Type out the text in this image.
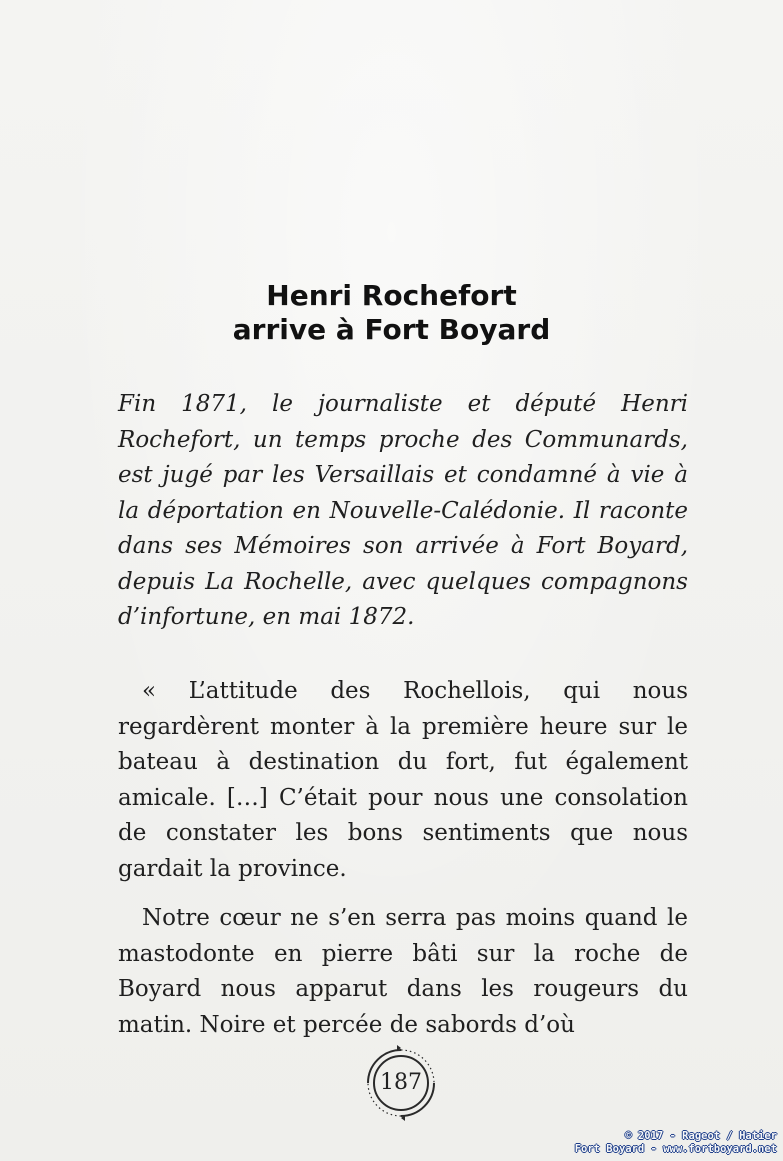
Henri Rochefort
arrive à Fort Boyard
Fin 1871, le journaliste et député Henri Rochefort, un temps proche des Communards, est jugé par les Versaillais et condamné à vie à la déportation en Nouvelle-Calédonie. Il raconte dans ses Mémoires son arrivée à Fort Boyard, depuis La Rochelle, avec quelques compagnons d’infortune, en mai 1872.

« L’attitude des Rochellois, qui nous regardèrent monter à la première heure sur le bateau à destination du fort, fut également amicale. […] C’était pour nous une consolation de constater les bons sentiments que nous gardait la province.

Notre cœur ne s’en serra pas moins quand le mastodonte en pierre bâti sur la roche de Boyard nous apparut dans les rougeurs du matin. Noire et percée de sabords d’où

187
© 2017 - Rageot / Hatier
Fort Boyard - www.fortboyard.net
